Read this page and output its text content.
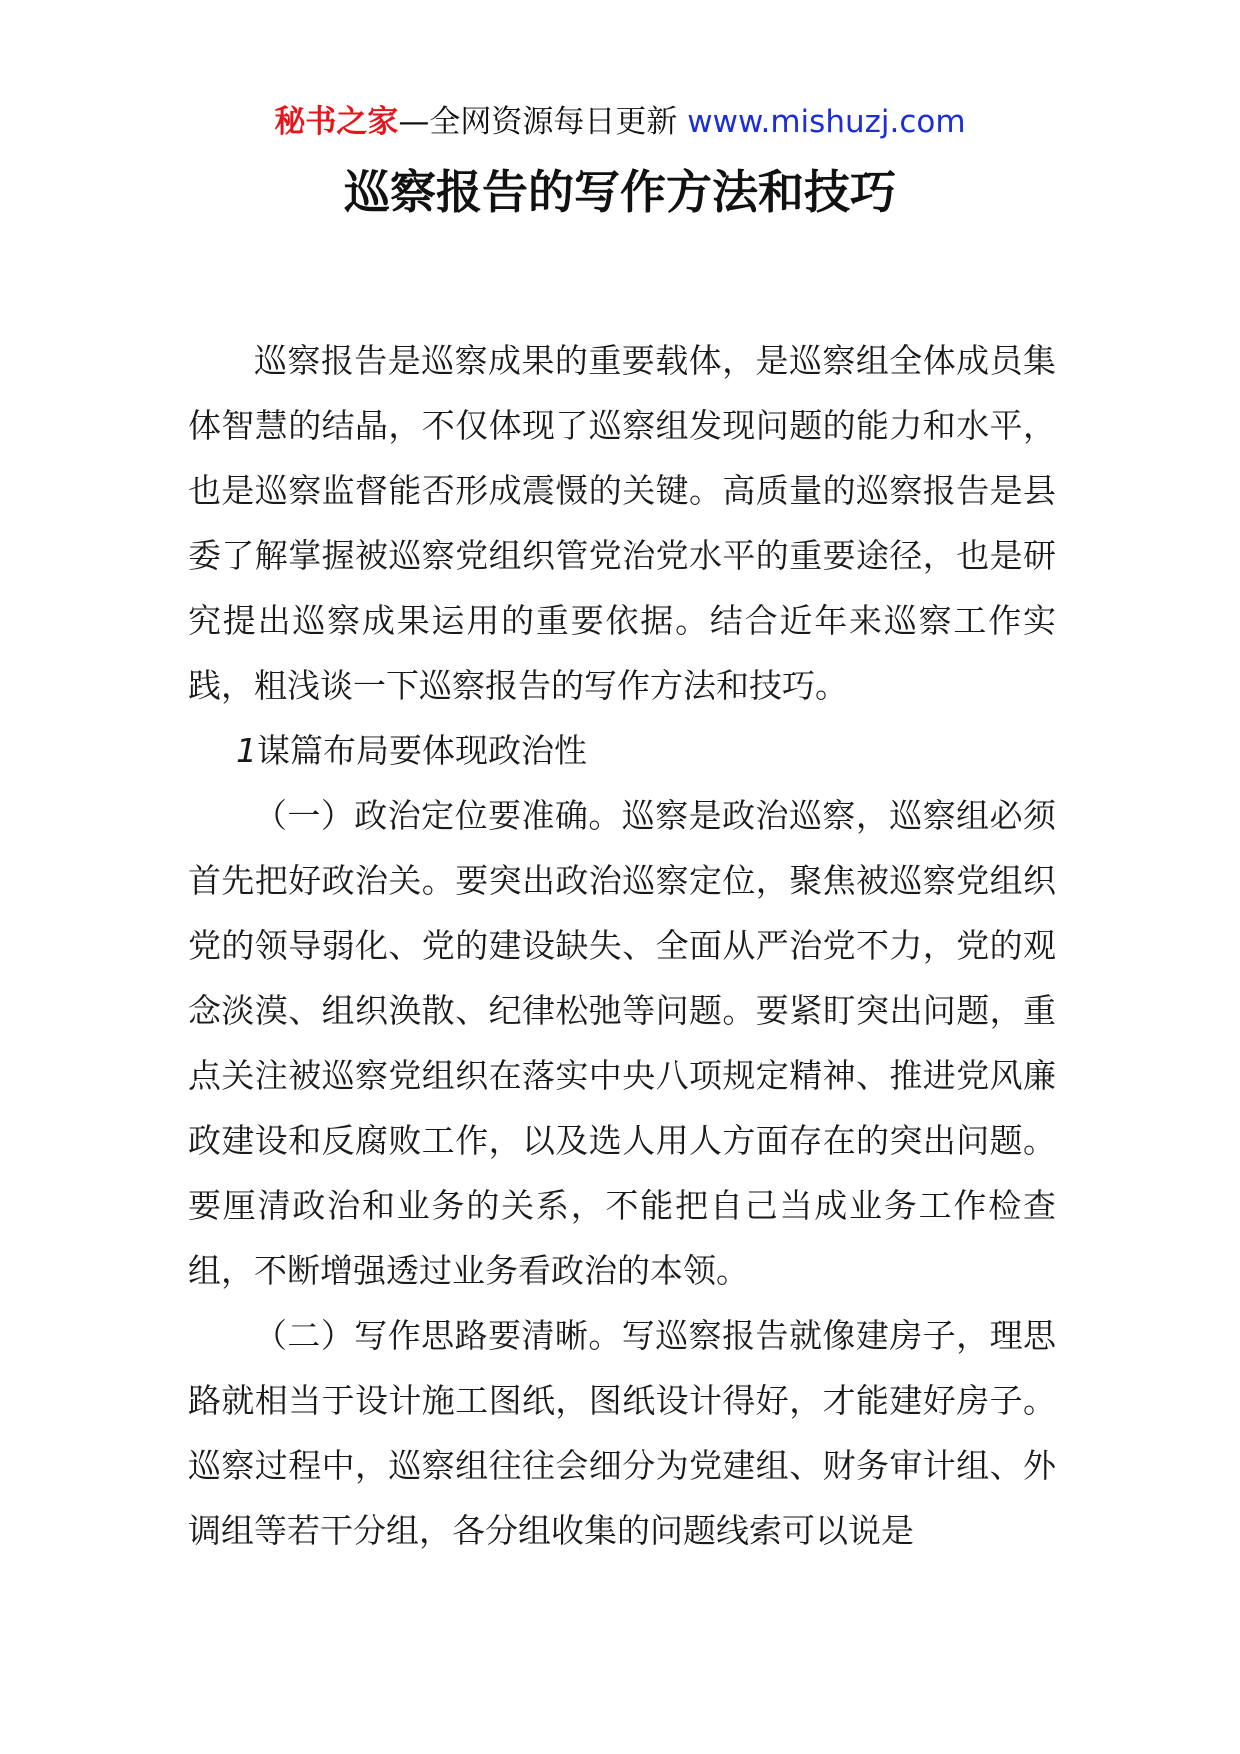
秘书之家—全网资源每日更新 www.mishuzj.com
巡察报告的写作方法和技巧

巡察报告是巡察成果的重要载体，是巡察组全体成员集体智慧的结晶，不仅体现了巡察组发现问题的能力和水平，也是巡察监督能否形成震慑的关键。高质量的巡察报告是县委了解掌握被巡察党组织管党治党水平的重要途径，也是研究提出巡察成果运用的重要依据。结合近年来巡察工作实践，粗浅谈一下巡察报告的写作方法和技巧。

1谋篇布局要体现政治性

（一）政治定位要准确。巡察是政治巡察，巡察组必须首先把好政治关。要突出政治巡察定位，聚焦被巡察党组织党的领导弱化、党的建设缺失、全面从严治党不力，党的观念淡漠、组织涣散、纪律松弛等问题。要紧盯突出问题，重点关注被巡察党组织在落实中央八项规定精神、推进党风廉政建设和反腐败工作，以及选人用人方面存在的突出问题。要厘清政治和业务的关系，不能把自己当成业务工作检查组，不断增强透过业务看政治的本领。

（二）写作思路要清晰。写巡察报告就像建房子，理思路就相当于设计施工图纸，图纸设计得好，才能建好房子。巡察过程中，巡察组往往会细分为党建组、财务审计组、外调组等若干分组，各分组收集的问题线索可以说是
